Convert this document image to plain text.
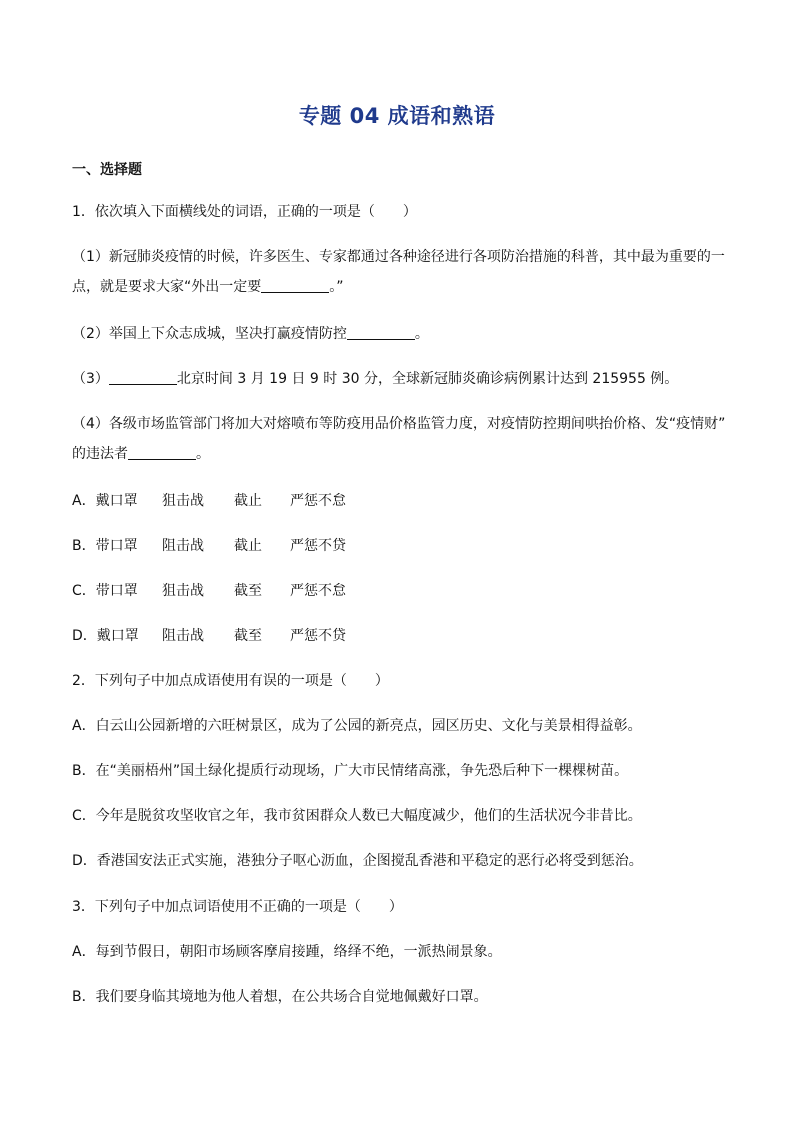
专题 04 成语和熟语
一、选择题
1．依次填入下面横线处的词语，正确的一项是（　　）
（1）新冠肺炎疫情的时候，许多医生、专家都通过各种途径进行各项防治措施的科普，其中最为重要的一
点，就是要求大家“外出一定要	。”
（2）举国上下众志成城，坚决打赢疫情防控	。
（3）	北京时间 3 月 19 日 9 时 30 分，全球新冠肺炎确诊病例累计达到 215955 例。
（4）各级市场监管部门将加大对熔喷布等防疫用品价格监管力度，对疫情防控期间哄抬价格、发“疫情财”
的违法者	。
A．戴口罩 狙击战 截止 严惩不怠
B．带口罩 阻击战 截止 严惩不贷
C．带口罩 狙击战 截至 严惩不怠
D．戴口罩 阻击战 截至 严惩不贷
2．下列句子中加点成语使用有误的一项是（　　）
A．白云山公园新增的六旺树景区，成为了公园的新亮点，园区历史、文化与美景相得益彰。
B．在“美丽梧州”国土绿化提质行动现场，广大市民情绪高涨，争先恐后种下一棵棵树苗。
C．今年是脱贫攻坚收官之年，我市贫困群众人数已大幅度减少，他们的生活状况今非昔比。
D．香港国安法正式实施，港独分子呕心沥血，企图搅乱香港和平稳定的恶行必将受到惩治。
3．下列句子中加点词语使用不正确的一项是（　　）
A．每到节假日，朝阳市场顾客摩肩接踵，络绎不绝，一派热闹景象。
B．我们要身临其境地为他人着想，在公共场合自觉地佩戴好口罩。
